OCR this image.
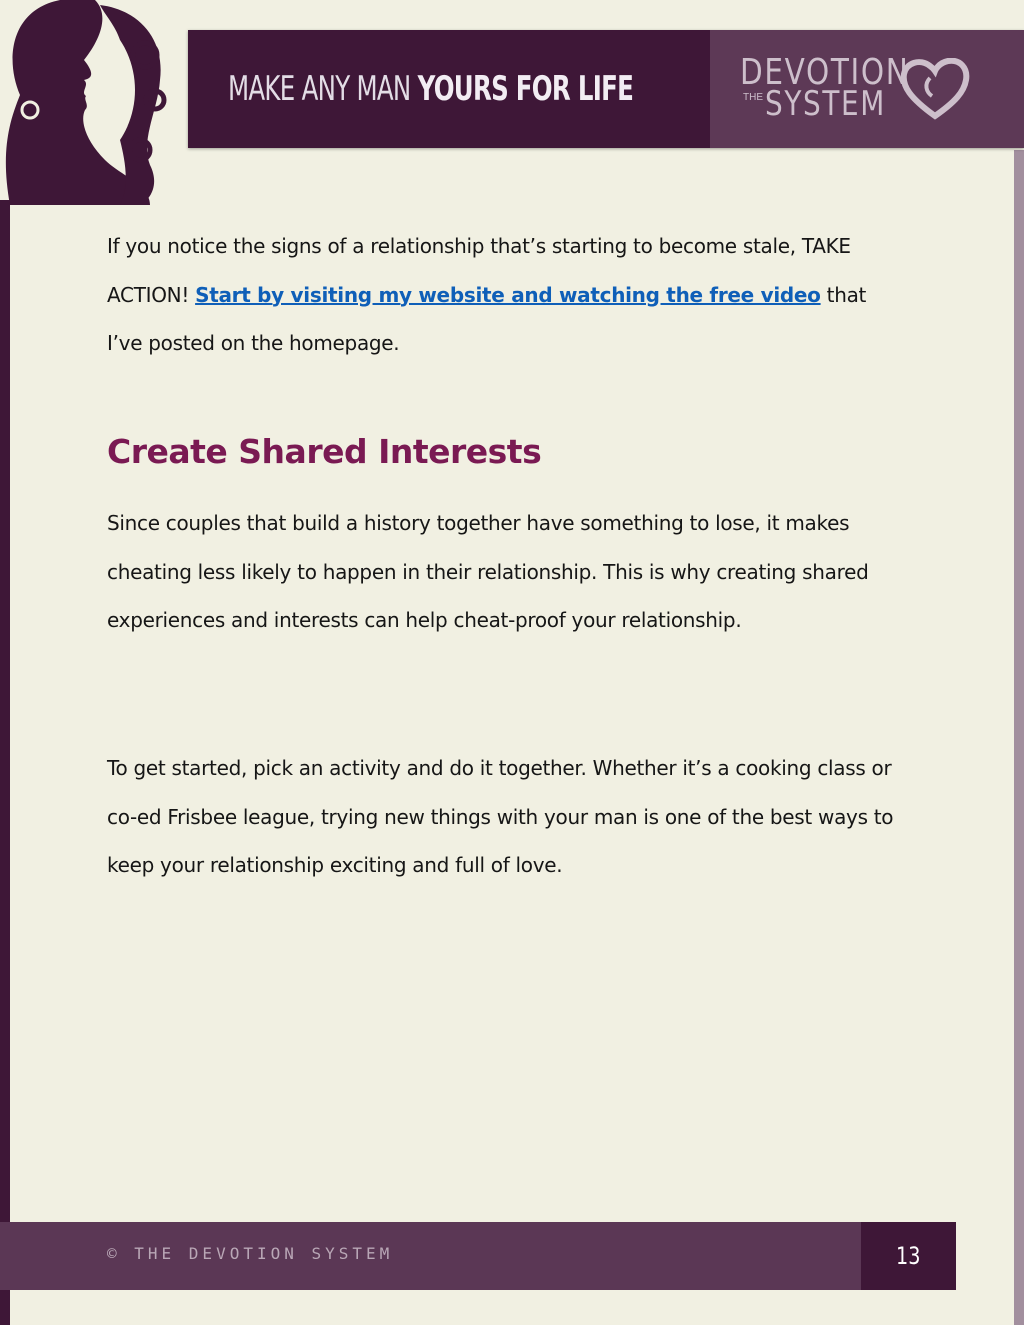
MAKE ANY MAN YOURS FOR LIFE	DEVOTION
THE SYSTEM

If you notice the signs of a relationship that’s starting to become stale, TAKE ACTION! Start by visiting my website and watching the free video that I’ve posted on the homepage.

Create Shared Interests

Since couples that build a history together have something to lose, it makes cheating less likely to happen in their relationship. This is why creating shared experiences and interests can help cheat-proof your relationship.

To get started, pick an activity and do it together. Whether it’s a cooking class or co-ed Frisbee league, trying new things with your man is one of the best ways to keep your relationship exciting and full of love.

© THE DEVOTION SYSTEM	13
